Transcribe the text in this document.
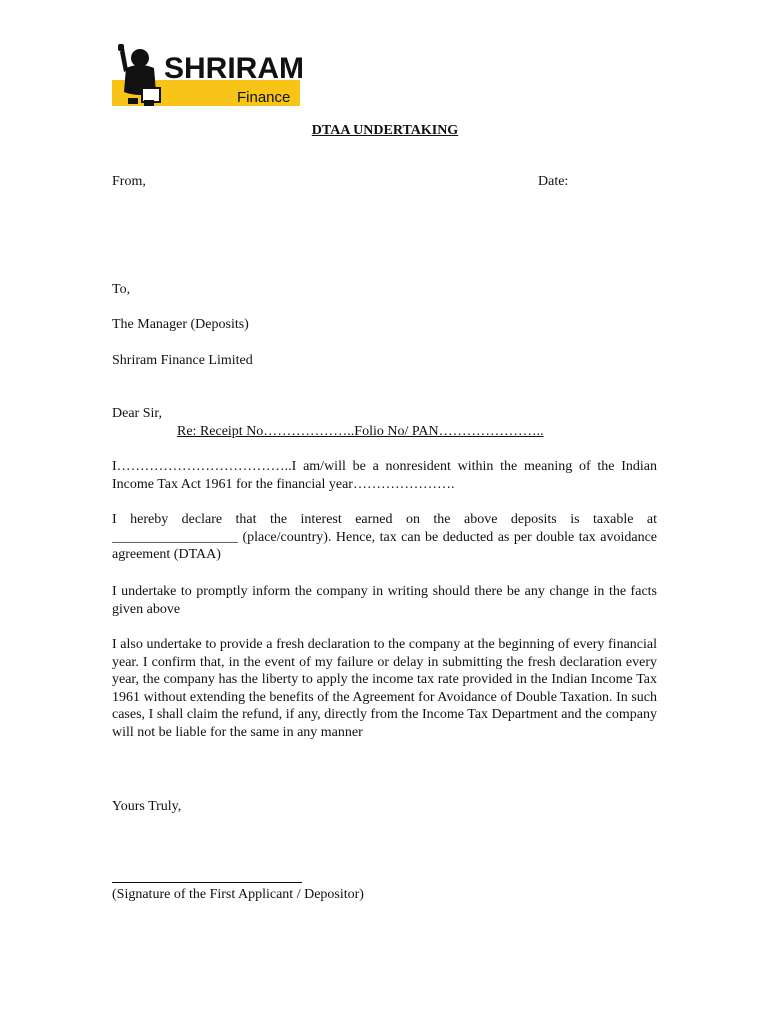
SHRIRAM
Finance
DTAA UNDERTAKING
From,	Date:
To,
The Manager (Deposits)
Shriram Finance Limited
Dear Sir,
Re: Receipt No………………..Folio No/ PAN…………………..
I………………………………..I am/will be a nonresident within the meaning of the Indian Income Tax Act 1961 for the financial year………………….
I hereby declare that the interest earned on the above deposits is taxable at __________________ (place/country). Hence, tax can be deducted as per double tax avoidance agreement (DTAA)
I undertake to promptly inform the company in writing should there be any change in the facts given above
I also undertake to provide a fresh declaration to the company at the beginning of every financial year. I confirm that, in the event of my failure or delay in submitting the fresh declaration every year, the company has the liberty to apply the income tax rate provided in the Indian Income Tax 1961 without extending the benefits of the Agreement for Avoidance of Double Taxation. In such cases, I shall claim the refund, if any, directly from the Income Tax Department and the company will not be liable for the same in any manner
Yours Truly,
(Signature of the First Applicant / Depositor)
